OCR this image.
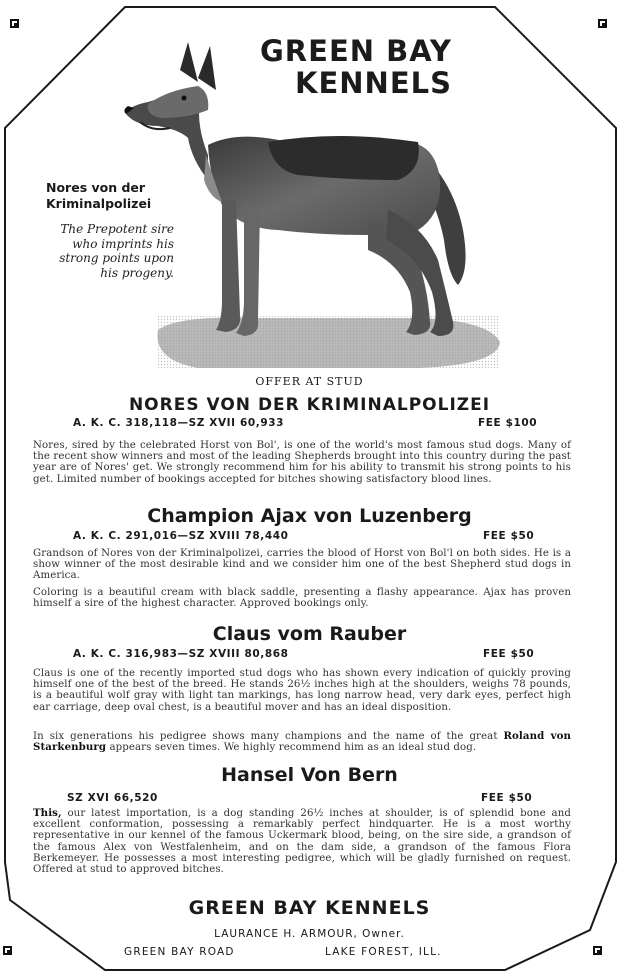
GREEN BAY
KENNELS
Nores von der
Kriminalpolizei
The Prepotent sire who imprints his strong points upon his progeny.
OFFER AT STUD
NORES VON DER KRIMINALPOLIZEI
A. K. C. 318,118—SZ XVII 60,933	FEE $100
Nores, sired by the celebrated Horst von Bol', is one of the world's most famous stud dogs. Many of the recent show winners and most of the leading Shepherds brought into this country during the past year are of Nores' get. We strongly recommend him for his ability to transmit his strong points to his get. Limited number of bookings accepted for bitches showing satisfactory blood lines.
Champion Ajax von Luzenberg
A. K. C. 291,016—SZ XVIII 78,440	FEE $50
Grandson of Nores von der Kriminalpolizei, carries the blood of Horst von Bol'l on both sides. He is a show winner of the most desirable kind and we consider him one of the best Shepherd stud dogs in America.
Coloring is a beautiful cream with black saddle, presenting a flashy appearance. Ajax has proven himself a sire of the highest character. Approved bookings only.
Claus vom Rauber
A. K. C. 316,983—SZ XVIII 80,868	FEE $50
Claus is one of the recently imported stud dogs who has shown every indication of quickly proving himself one of the best of the breed. He stands 26½ inches high at the shoulders, weighs 78 pounds, is a beautiful wolf gray with light tan markings, has long narrow head, very dark eyes, perfect high ear carriage, deep oval chest, is a beautiful mover and has an ideal disposition.
In six generations his pedigree shows many champions and the name of the great Roland von Starkenburg appears seven times. We highly recommend him as an ideal stud dog.
Hansel Von Bern
SZ XVI 66,520	FEE $50
This, our latest importation, is a dog standing 26½ inches at shoulder, is of splendid bone and excellent conformation, possessing a remarkably perfect hindquarter. He is a most worthy representative in our kennel of the famous Uckermark blood, being, on the sire side, a grandson of the famous Alex von Westfalenheim, and on the dam side, a grandson of the famous Flora Berkemeyer. He possesses a most interesting pedigree, which will be gladly furnished on request. Offered at stud to approved bitches.
GREEN BAY KENNELS
LAURANCE H. ARMOUR, Owner.
GREEN BAY ROAD	LAKE FOREST, ILL.
